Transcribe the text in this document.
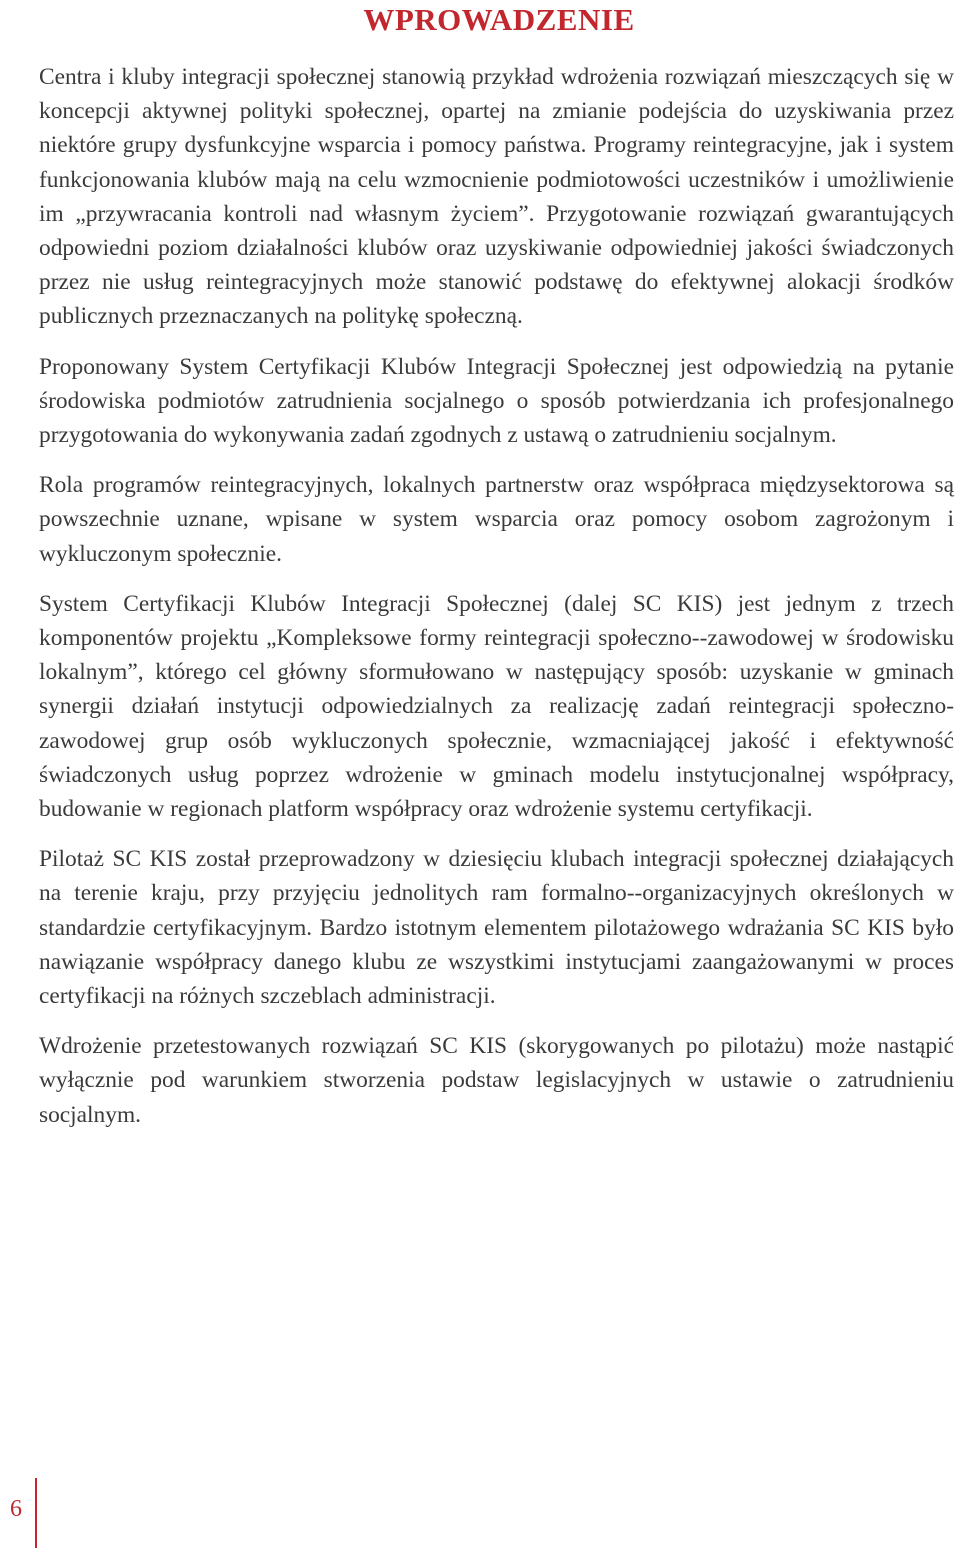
WPROWADZENIE

Centra i kluby integracji społecznej stanowią przykład wdrożenia rozwiązań mieszczących się w koncepcji aktywnej polityki społecznej, opartej na zmianie podejścia do uzyskiwania przez niektóre grupy dysfunkcyjne wsparcia i pomocy państwa. Programy reintegracyjne, jak i system funkcjonowania klubów mają na celu wzmocnienie podmiotowości uczestników i umożliwienie im „przywracania kontroli nad własnym życiem”. Przygotowanie rozwiązań gwarantujących odpowiedni poziom działalności klubów oraz uzyskiwanie odpowiedniej jakości świadczonych przez nie usług reintegracyjnych może stanowić podstawę do efektywnej alokacji środków publicznych przeznaczanych na politykę społeczną.

Proponowany System Certyfikacji Klubów Integracji Społecznej jest odpowiedzią na pytanie środowiska podmiotów zatrudnienia socjalnego o sposób potwierdzania ich profesjonalnego przygotowania do wykonywania zadań zgodnych z ustawą o zatrudnieniu socjalnym.

Rola programów reintegracyjnych, lokalnych partnerstw oraz współpraca międzysektorowa są powszechnie uznane, wpisane w system wsparcia oraz pomocy osobom zagrożonym i wykluczonym społecznie.

System Certyfikacji Klubów Integracji Społecznej (dalej SC KIS) jest jednym z trzech komponentów projektu „Kompleksowe formy reintegracji społeczno--zawodowej w środowisku lokalnym”, którego cel główny sformułowano w następujący sposób: uzyskanie w gminach synergii działań instytucji odpowiedzialnych za realizację zadań reintegracji społeczno-zawodowej grup osób wykluczonych społecznie, wzmacniającej jakość i efektywność świadczonych usług poprzez wdrożenie w gminach modelu instytucjonalnej współpracy, budowanie w regionach platform współpracy oraz wdrożenie systemu certyfikacji.

Pilotaż SC KIS został przeprowadzony w dziesięciu klubach integracji społecznej działających na terenie kraju, przy przyjęciu jednolitych ram formalno--organizacyjnych określonych w standardzie certyfikacyjnym. Bardzo istotnym elementem pilotażowego wdrażania SC KIS było nawiązanie współpracy danego klubu ze wszystkimi instytucjami zaangażowanymi w proces certyfikacji na różnych szczeblach administracji.

Wdrożenie przetestowanych rozwiązań SC KIS (skorygowanych po pilotażu) może nastąpić wyłącznie pod warunkiem stworzenia podstaw legislacyjnych w ustawie o zatrudnieniu socjalnym.

6
